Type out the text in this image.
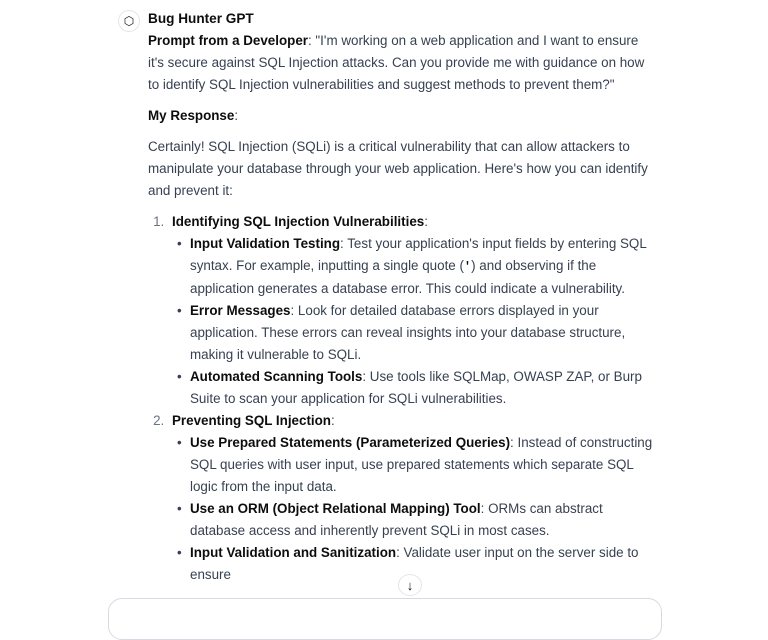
⬡	Bug Hunter GPT

Prompt from a Developer: "I'm working on a web application and I want to ensure it's secure against SQL Injection attacks. Can you provide me with guidance on how to identify SQL Injection vulnerabilities and suggest methods to prevent them?"

My Response:

Certainly! SQL Injection (SQLi) is a critical vulnerability that can allow attackers to manipulate your database through your web application. Here's how you can identify and prevent it:

1. Identifying SQL Injection Vulnerabilities:
• Input Validation Testing: Test your application's input fields by entering SQL syntax. For example, inputting a single quote (') and observing if the application generates a database error. This could indicate a vulnerability.
• Error Messages: Look for detailed database errors displayed in your application. These errors can reveal insights into your database structure, making it vulnerable to SQLi.
• Automated Scanning Tools: Use tools like SQLMap, OWASP ZAP, or Burp Suite to scan your application for SQLi vulnerabilities.
2. Preventing SQL Injection:
• Use Prepared Statements (Parameterized Queries): Instead of constructing SQL queries with user input, use prepared statements which separate SQL logic from the input data.
• Use an ORM (Object Relational Mapping) Tool: ORMs can abstract database access and inherently prevent SQLi in most cases.
• Input Validation and Sanitization: Validate user input on the server side to ensure
↓
